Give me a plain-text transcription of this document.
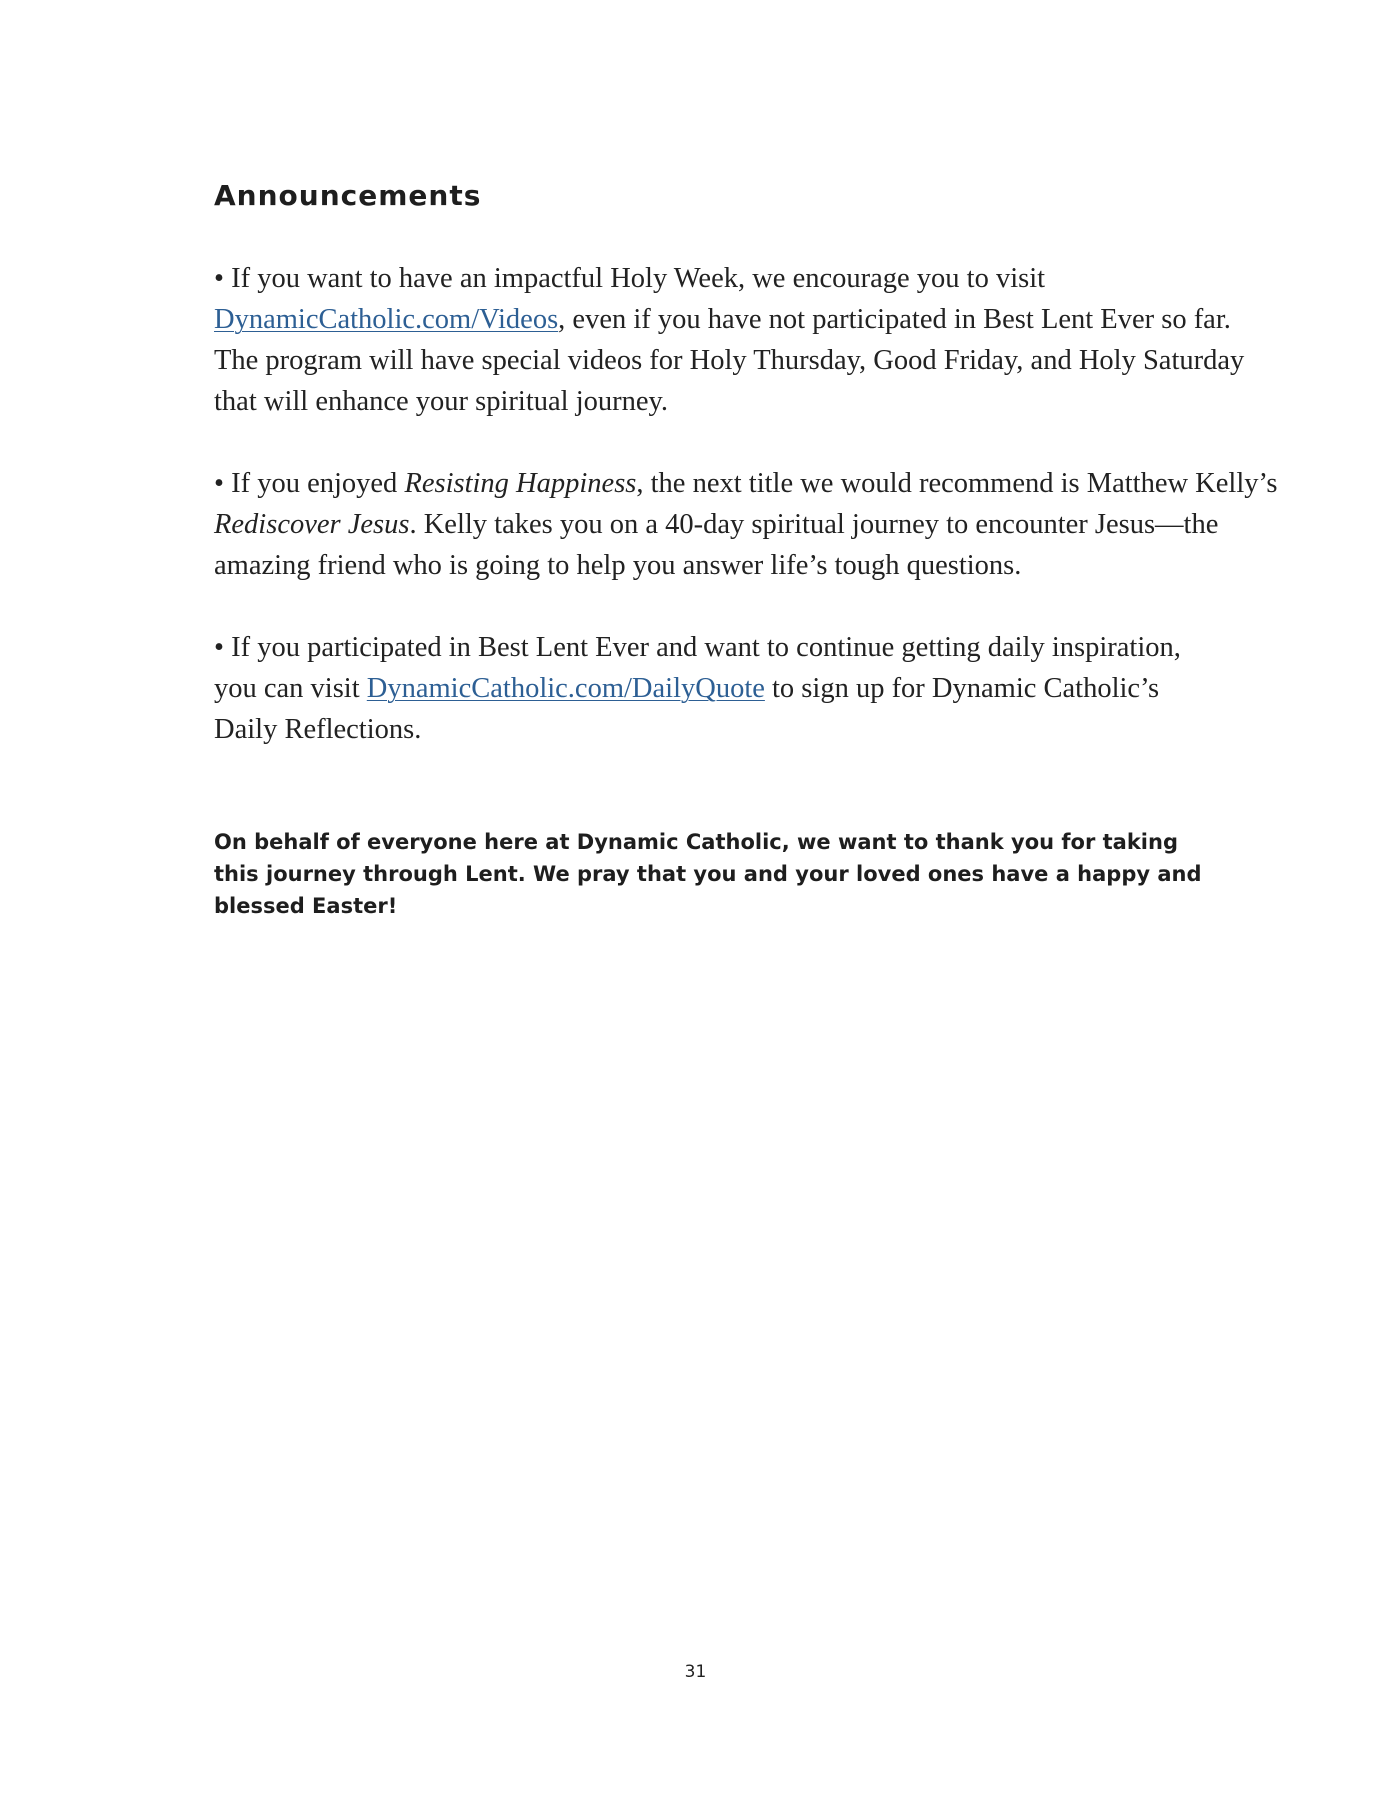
Announcements

• If you want to have an impactful Holy Week, we encourage you to visit
DynamicCatholic.com/Videos, even if you have not participated in Best Lent Ever so far.
The program will have special videos for Holy Thursday, Good Friday, and Holy Saturday
that will enhance your spiritual journey.

• If you enjoyed Resisting Happiness, the next title we would recommend is Matthew Kelly’s
Rediscover Jesus. Kelly takes you on a 40-day spiritual journey to encounter Jesus—the
amazing friend who is going to help you answer life’s tough questions.

• If you participated in Best Lent Ever and want to continue getting daily inspiration,
you can visit DynamicCatholic.com/DailyQuote to sign up for Dynamic Catholic’s
Daily Reflections.

On behalf of everyone here at Dynamic Catholic, we want to thank you for taking
this journey through Lent. We pray that you and your loved ones have a happy and
blessed Easter!

31
